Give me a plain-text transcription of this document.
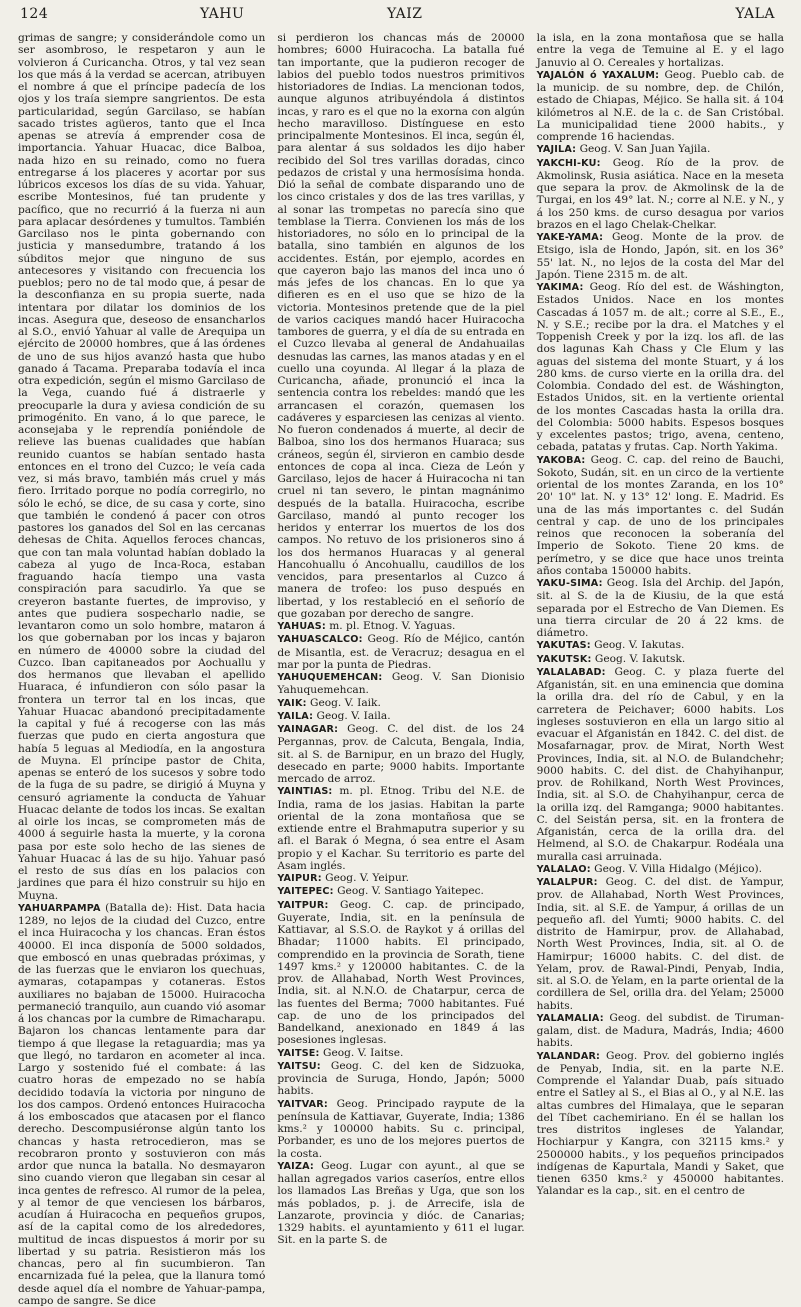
124	YAHU	YAIZ	YALA

grimas de sangre; y considerándole como un ser asombroso, le respetaron y aun le volvieron á Curicancha. Otros, y tal vez sean los que más á la verdad se acercan, atribuyen el nombre á que el príncipe padecía de los ojos y los traía siempre sangrientos. De esta particularidad, según Garcilaso, se habían sacado tristes agüeros, tanto que el Inca apenas se atrevía á emprender cosa de importancia. Yahuar Huacac, dice Balboa, nada hizo en su reinado, como no fuera entregarse á los placeres y acortar por sus lúbricos excesos los días de su vida. Yahuar, escribe Montesinos, fué tan prudente y pacífico, que no recurrió á la fuerza ni aun para aplacar desórdenes y tumultos. También Garcilaso nos le pinta gobernando con justicia y mansedumbre, tratando á los súbditos mejor que ninguno de sus antecesores y visitando con frecuencia los pueblos; pero no de tal modo que, á pesar de la desconfianza en su propia suerte, nada intentara por dilatar los dominios de los incas. Asegura que, deseoso de ensancharlos al S.O., envió Yahuar al valle de Arequipa un ejército de 20000 hombres, que á las órdenes de uno de sus hijos avanzó hasta que hubo ganado á Tacama. Preparaba todavía el inca otra expedición, según el mismo Garcilaso de la Vega, cuando fué á distraerle y preocuparle la dura y aviesa condición de su primogénito. En vano, á lo que parece, le aconsejaba y le reprendía poniéndole de relieve las buenas cualidades que habían reunido cuantos se habían sentado hasta entonces en el trono del Cuzco; le veía cada vez, si más bravo, también más cruel y más fiero. Irritado porque no podía corregirlo, no sólo le echó, se dice, de su casa y corte, sino que también le condenó á pacer con otros pastores los ganados del Sol en las cercanas dehesas de Chita. Aquellos feroces chancas, que con tan mala voluntad habían doblado la cabeza al yugo de Inca-Roca, estaban fraguando hacía tiempo una vasta conspiración para sacudirlo. Ya que se creyeron bastante fuertes, de improviso, y antes que pudiera sospecharlo nadie, se levantaron como un solo hombre, mataron á los que gobernaban por los incas y bajaron en número de 40000 sobre la ciudad del Cuzco. Iban capitaneados por Aochuallu y dos hermanos que llevaban el apellido Huaraca, é infundieron con sólo pasar la frontera un terror tal en los incas, que Yahuar Huacac abandonó precipitadamente la capital y fué á recogerse con las más fuerzas que pudo en cierta angostura que había 5 leguas al Mediodía, en la angostura de Muyna. El príncipe pastor de Chita, apenas se enteró de los sucesos y sobre todo de la fuga de su padre, se dirigió á Muyna y censuró agriamente la conducta de Yahuar Huacac delante de todos los incas. Se exaltan al oirle los incas, se comprometen más de 4000 á seguirle hasta la muerte, y la corona pasa por este solo hecho de las sienes de Yahuar Huacac á las de su hijo. Yahuar pasó el resto de sus días en los palacios con jardines que para él hizo construir su hijo en Muyna.

YAHUARPAMPA (Batalla de): Hist. Data hacia 1289, no lejos de la ciudad del Cuzco, entre el inca Huiracocha y los chancas. Eran éstos 40000. El inca disponía de 5000 soldados, que emboscó en unas quebradas próximas, y de las fuerzas que le enviaron los quechuas, aymaras, cotapampas y cotaneras. Estos auxiliares no bajaban de 15000. Huiracocha permaneció tranquilo, aun cuando vió asomar á los chancas por la cumbre de Rimacharapu. Bajaron los chancas lentamente para dar tiempo á que llegase la retaguardia; mas ya que llegó, no tardaron en acometer al inca. Largo y sostenido fué el combate: á las cuatro horas de empezado no se había decidido todavía la victoria por ninguno de los dos campos. Ordenó entonces Huiracocha á los emboscados que atacasen por el flanco derecho. Descompusiéronse algún tanto los chancas y hasta retrocedieron, mas se recobraron pronto y sostuvieron con más ardor que nunca la batalla. No desmayaron sino cuando vieron que llegaban sin cesar al inca gentes de refresco. Al rumor de la pelea, y al temor de que venciesen los bárbaros, acudían á Huiracocha en pequeños grupos, así de la capital como de los alrededores, multitud de incas dispuestos á morir por su libertad y su patria. Resistieron más los chancas, pero al fin sucumbieron. Tan encarnizada fué la pelea, que la llanura tomó desde aquel día el nombre de Yahuar-pampa, campo de sangre. Se dice

si perdieron los chancas más de 20000 hombres; 6000 Huiracocha. La batalla fué tan importante, que la pudieron recoger de labios del pueblo todos nuestros primitivos historiadores de Indias. La mencionan todos, aunque algunos atribuyéndola á distintos incas, y raro es el que no la exorna con algún hecho maravilloso. Distínguese en esto principalmente Montesinos. El inca, según él, para alentar á sus soldados les dijo haber recibido del Sol tres varillas doradas, cinco pedazos de cristal y una hermosísima honda. Dió la señal de combate disparando uno de los cinco cristales y dos de las tres varillas, y al sonar las trompetas no parecía sino que temblase la Tierra. Convienen los más de los historiadores, no sólo en lo principal de la batalla, sino también en algunos de los accidentes. Están, por ejemplo, acordes en que cayeron bajo las manos del inca uno ó más jefes de los chancas. En lo que ya difieren es en el uso que se hizo de la victoria. Montesinos pretende que de la piel de varios caciques mandó hacer Huiracocha tambores de guerra, y el día de su entrada en el Cuzco llevaba al general de Andahuailas desnudas las carnes, las manos atadas y en el cuello una coyunda. Al llegar á la plaza de Curicancha, añade, pronunció el inca la sentencia contra los rebeldes: mandó que les arrancasen el corazón, quemasen los cadáveres y esparciesen las cenizas al viento. No fueron condenados á muerte, al decir de Balboa, sino los dos hermanos Huaraca; sus cráneos, según él, sirvieron en cambio desde entonces de copa al inca. Cieza de León y Garcilaso, lejos de hacer á Huiracocha ni tan cruel ni tan severo, le pintan magnánimo después de la batalla. Huiracocha, escribe Garcilaso, mandó al punto recoger los heridos y enterrar los muertos de los dos campos. No retuvo de los prisioneros sino á los dos hermanos Huaracas y al general Hancohuallu ó Ancohuallu, caudillos de los vencidos, para presentarlos al Cuzco á manera de trofeo: los puso después en libertad, y los restableció en el señorío de que gozaban por derecho de sangre.

YAHUAS: m. pl. Etnog. V. Yaguas.

YAHUASCALCO: Geog. Río de Méjico, cantón de Misantla, est. de Veracruz; desagua en el mar por la punta de Piedras.

YAHUQUEMEHCAN: Geog. V. San Dionisio Yahuquemehcan.

YAIK: Geog. V. Iaik.

YAILA: Geog. V. Iaila.

YAINAGAR: Geog. C. del dist. de los 24 Pergannas, prov. de Calcuta, Bengala, India, sit. al S. de Barnipur, en un brazo del Hugly, desecado en parte; 9000 habits. Importante mercado de arroz.

YAINTIAS: m. pl. Etnog. Tribu del N.E. de India, rama de los jasias. Habitan la parte oriental de la zona montañosa que se extiende entre el Brahmaputra superior y su afl. el Barak ó Megna, ó sea entre el Asam propio y el Kachar. Su territorio es parte del Asam inglés.

YAIPUR: Geog. V. Yeipur.

YAITEPEC: Geog. V. Santiago Yaitepec.

YAITPUR: Geog. C. cap. de principado, Guyerate, India, sit. en la península de Kattiavar, al S.S.O. de Raykot y á orillas del Bhadar; 11000 habits. El principado, comprendido en la provincia de Sorath, tiene 1497 kms.² y 120000 habitantes. C. de la prov. de Allahabad, North West Provinces, India, sit. al N.N.O. de Chatarpur, cerca de las fuentes del Berma; 7000 habitantes. Fué cap. de uno de los principados del Bandelkand, anexionado en 1849 á las posesiones inglesas.

YAITSE: Geog. V. Iaitse.

YAITSU: Geog. C. del ken de Sidzuoka, provincia de Suruga, Hondo, Japón; 5000 habits.

YAITVAR: Geog. Principado raypute de la península de Kattiavar, Guyerate, India; 1386 kms.² y 100000 habits. Su c. principal, Porbander, es uno de los mejores puertos de la costa.

YAIZA: Geog. Lugar con ayunt., al que se hallan agregados varios caseríos, entre ellos los llamados Las Breñas y Uga, que son los más poblados, p. j. de Arrecife, isla de Lanzarote, provincia y dióc. de Canarias; 1329 habits. el ayuntamiento y 611 el lugar. Sit. en la parte S. de

la isla, en la zona montañosa que se halla entre la vega de Temuine al E. y el lago Januvio al O. Cereales y hortalizas.

YAJALÓN ó YAXALUM: Geog. Pueblo cab. de la municip. de su nombre, dep. de Chilón, estado de Chiapas, Méjico. Se halla sit. á 104 kilómetros al N.E. de la c. de San Cristóbal. La municipalidad tiene 2000 habits., y comprende 16 haciendas.

YAJILA: Geog. V. San Juan Yajila.

YAKCHI-KU: Geog. Río de la prov. de Akmolinsk, Rusia asiática. Nace en la meseta que separa la prov. de Akmolinsk de la de Turgai, en los 49° lat. N.; corre al N.E. y N., y á los 250 kms. de curso desagua por varios brazos en el lago Chelak-Chelkar.

YAKE-YAMA: Geog. Monte de la prov. de Etsigo, isla de Hondo, Japón, sit. en los 36° 55' lat. N., no lejos de la costa del Mar del Japón. Tiene 2315 m. de alt.

YAKIMA: Geog. Río del est. de Wáshington, Estados Unidos. Nace en los montes Cascadas á 1057 m. de alt.; corre al S.E., E., N. y S.E.; recibe por la dra. el Matches y el Toppenish Creek y por la izq. los afl. de las dos lagunas Kah Chass y Cle Elum y las aguas del sistema del monte Stuart, y á los 280 kms. de curso vierte en la orilla dra. del Colombia. Condado del est. de Wáshington, Estados Unidos, sit. en la vertiente oriental de los montes Cascadas hasta la orilla dra. del Colombia: 5000 habits. Espesos bosques y excelentes pastos; trigo, avena, centeno, cebada, patatas y frutas. Cap. North Yakima.

YAKOBA: Geog. C. cap. del reino de Bauchi, Sokoto, Sudán, sit. en un circo de la vertiente oriental de los montes Zaranda, en los 10° 20' 10" lat. N. y 13° 12' long. E. Madrid. Es una de las más importantes c. del Sudán central y cap. de uno de los principales reinos que reconocen la soberanía del Imperio de Sokoto. Tiene 20 kms. de perímetro, y se dice que hace unos treinta años contaba 150000 habits.

YAKU-SIMA: Geog. Isla del Archip. del Japón, sit. al S. de la de Kiusiu, de la que está separada por el Estrecho de Van Diemen. Es una tierra circular de 20 á 22 kms. de diámetro.

YAKUTAS: Geog. V. Iakutas.

YAKUTSK: Geog. V. Iakutsk.

YALALABAD: Geog. C. y plaza fuerte del Afganistán, sit. en una eminencia que domina la orilla dra. del río de Cabul, y en la carretera de Peichaver; 6000 habits. Los ingleses sostuvieron en ella un largo sitio al evacuar el Afganistán en 1842. C. del dist. de Mosafarnagar, prov. de Mirat, North West Provinces, India, sit. al N.O. de Bulandchehr; 9000 habits. C. del dist. de Chahyihanpur, prov. de Rohilkand, North West Provinces, India, sit. al S.O. de Chahyihanpur, cerca de la orilla izq. del Ramganga; 9000 habitantes. C. del Seistán persa, sit. en la frontera de Afganistán, cerca de la orilla dra. del Helmend, al S.O. de Chakarpur. Rodéala una muralla casi arruinada.

YALALAO: Geog. V. Villa Hidalgo (Méjico).

YALALPUR: Geog. C. del dist. de Yampur, prov. de Allahabad, North West Provinces, India, sit. al S.E. de Yampur, á orillas de un pequeño afl. del Yumti; 9000 habits. C. del distrito de Hamirpur, prov. de Allahabad, North West Provinces, India, sit. al O. de Hamirpur; 16000 habits. C. del dist. de Yelam, prov. de Rawal-Pindi, Penyab, India, sit. al S.O. de Yelam, en la parte oriental de la cordillera de Sel, orilla dra. del Yelam; 25000 habits.

YALAMALIA: Geog. del subdist. de Tiruman-galam, dist. de Madura, Madrás, India; 4600 habits.

YALANDAR: Geog. Prov. del gobierno inglés de Penyab, India, sit. en la parte N.E. Comprende el Yalandar Duab, país situado entre el Satley al S., el Bias al O., y al N.E. las altas cumbres del Himalaya, que le separan del Tíbet cachemiriano. En él se hallan los tres distritos ingleses de Yalandar, Hochiarpur y Kangra, con 32115 kms.² y 2500000 habits., y los pequeños principados indígenas de Kapurtala, Mandi y Saket, que tienen 6350 kms.² y 450000 habitantes. Yalandar es la cap., sit. en el centro de
